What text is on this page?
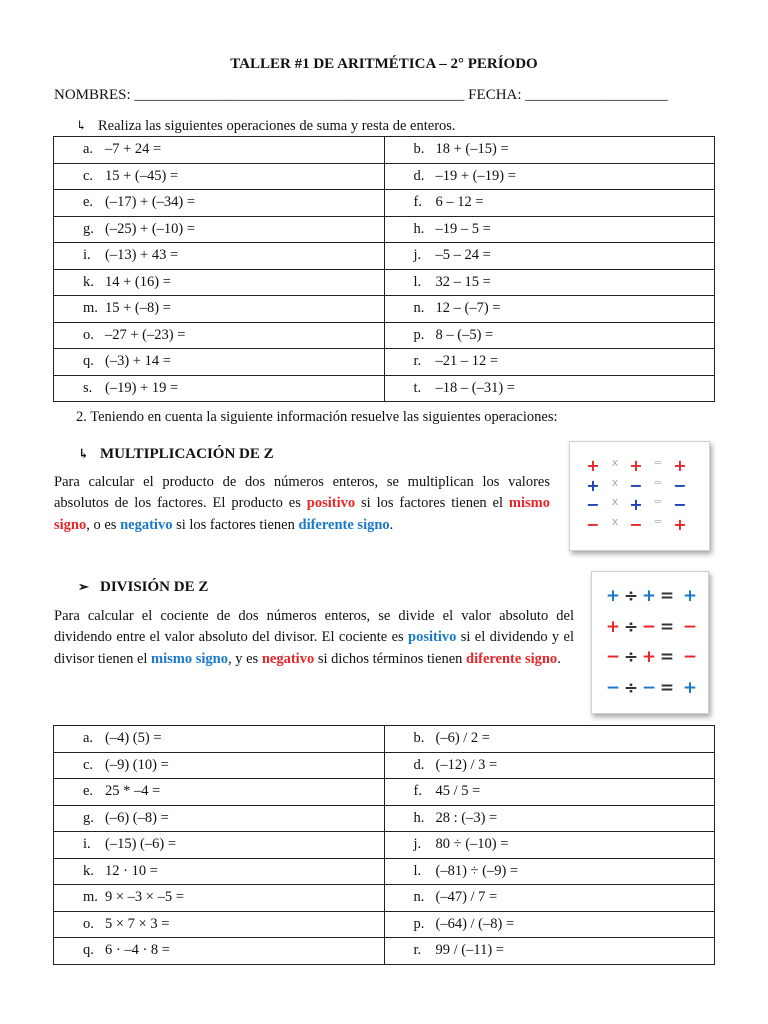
TALLER #1 DE ARITMÉTICA – 2° PERÍODO
NOMBRES: ____________________________________________ FECHA: ___________________
↳ Realiza las siguientes operaciones de suma y resta de enteros.
a. –7 + 24 =	b. 18 + (–15) =
c. 15 + (–45) =	d. –19 + (–19) =
e. (–17) + (–34) =	f. 6 – 12 =
g. (–25) + (–10) =	h. –19 – 5 =
i. (–13) + 43 =	j. –5 – 24 =
k. 14 + (16) =	l. 32 – 15 =
m. 15 + (–8) =	n. 12 – (–7) =
o. –27 + (–23) =	p. 8 – (–5) =
q. (–3) + 14 =	r. –21 – 12 =
s. (–19) + 19 =	t. –18 – (–31) =
2. Teniendo en cuenta la siguiente información resuelve las siguientes operaciones:
↳ MULTIPLICACIÓN DE Z
Para calcular el producto de dos números enteros, se multiplican los valores absolutos de los factores. El producto es positivo si los factores tienen el mismo signo, o es negativo si los factores tienen diferente signo.
+	x + = +
+	x − = −
−	x + = −
−	x − = +
➢ DIVISIÓN DE Z
Para calcular el cociente de dos números enteros, se divide el valor absoluto del dividendo entre el valor absoluto del divisor. El cociente es positivo si el dividendo y el divisor tienen el mismo signo, y es negativo si dichos términos tienen diferente signo.
+ ÷ + = +
+ ÷ − = −
− ÷ + = −
− ÷ − = +
a. (–4) (5) =	b. (–6) / 2 =
c. (–9) (10) =	d. (–12) / 3 =
e. 25 * –4 =	f. 45 / 5 =
g. (–6) (–8) =	h. 28 : (–3) =
i. (–15) (–6) =	j. 80 ÷ (–10) =
k. 12 · 10 =	l. (–81) ÷ (–9) =
m. 9 × –3 × –5 =	n. (–47) / 7 =
o. 5 × 7 × 3 =	p. (–64) / (–8) =
q. 6 · –4 · 8 =	r. 99 / (–11) =
